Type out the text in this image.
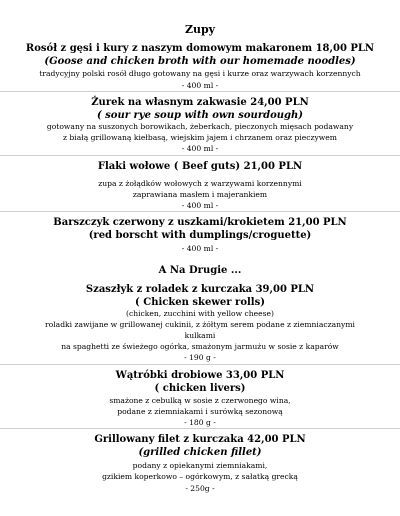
Zupy
Rosół z gęsi i kury z naszym domowym makaronem 18,00 PLN
(Goose and chicken broth with our homemade noodles)
tradycyjny polski rosół długo gotowany na gęsi i kurze oraz warzywach korzennych
- 400 ml -
Żurek na własnym zakwasie 24,00 PLN
( sour rye soup with own sourdough)
gotowany na suszonych borowikach, żeberkach, pieczonych mięsach podawany
z białą grillowaną kiełbasą, wiejskim jajem i chrzanem oraz pieczywem
- 400 ml -
Flaki wołowe ( Beef guts) 21,00 PLN
zupa z żołądków wołowych z warzywami korzennymi
zaprawiana masłem i majerankiem
- 400 ml -
Barszczyk czerwony z uszkami/krokietem 21,00 PLN
(red borscht with dumplings/croguette)
- 400 ml -
A Na Drugie ...
Szaszłyk z roladek z kurczaka 39,00 PLN
( Chicken skewer rolls)
(chicken, zucchini with yellow cheese)
roladki zawijane w grillowanej cukinii, z żółtym serem podane z ziemniaczanymi
kulkami
na spaghetti ze świeżego ogórka, smażonym jarmużu w sosie z kaparów
- 190 g -
Wątróbki drobiowe 33,00 PLN
( chicken livers)
smażone z cebulką w sosie z czerwonego wina,
podane z ziemniakami i surówką sezonową
- 180 g -
Grillowany filet z kurczaka 42,00 PLN
(grilled chicken fillet)
podany z opiekanymi ziemniakami,
gzikiem koperkowo – ogórkowym, z sałatką grecką
- 250g -
